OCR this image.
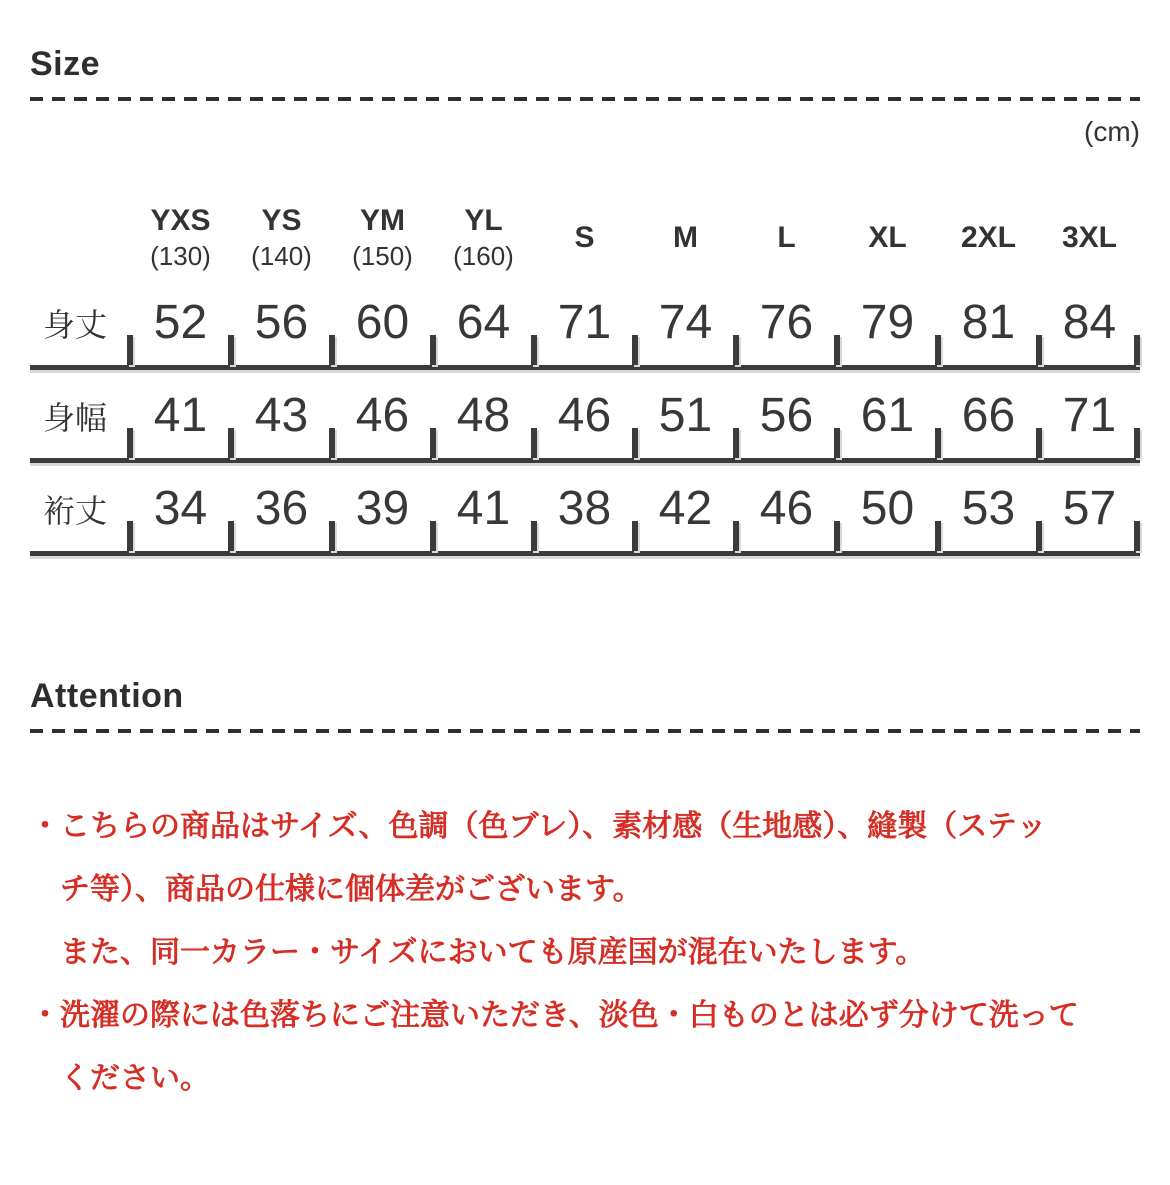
Size
(cm)
YXS
(130)
YS
(140)
YM
(150)
YL
(160)
S	M	L XL 2XL 3XL
身丈 52 56 60 64 71 74 76 79 81 84
身幅 41 43 46 48 46 51 56 61 66 71
裄丈 34 36 39 41 38 42 46 50 53 57
Attention
・ こちらの商品はサイズ、色調（色ブレ）、素材感（生地感）、縫製（ステッ
チ等）、商品の仕様に個体差がございます。
また、同一カラー・サイズにおいても原産国が混在いたします。
・ 洗濯の際には色落ちにご注意いただき、淡色・白ものとは必ず分けて洗って
ください。
